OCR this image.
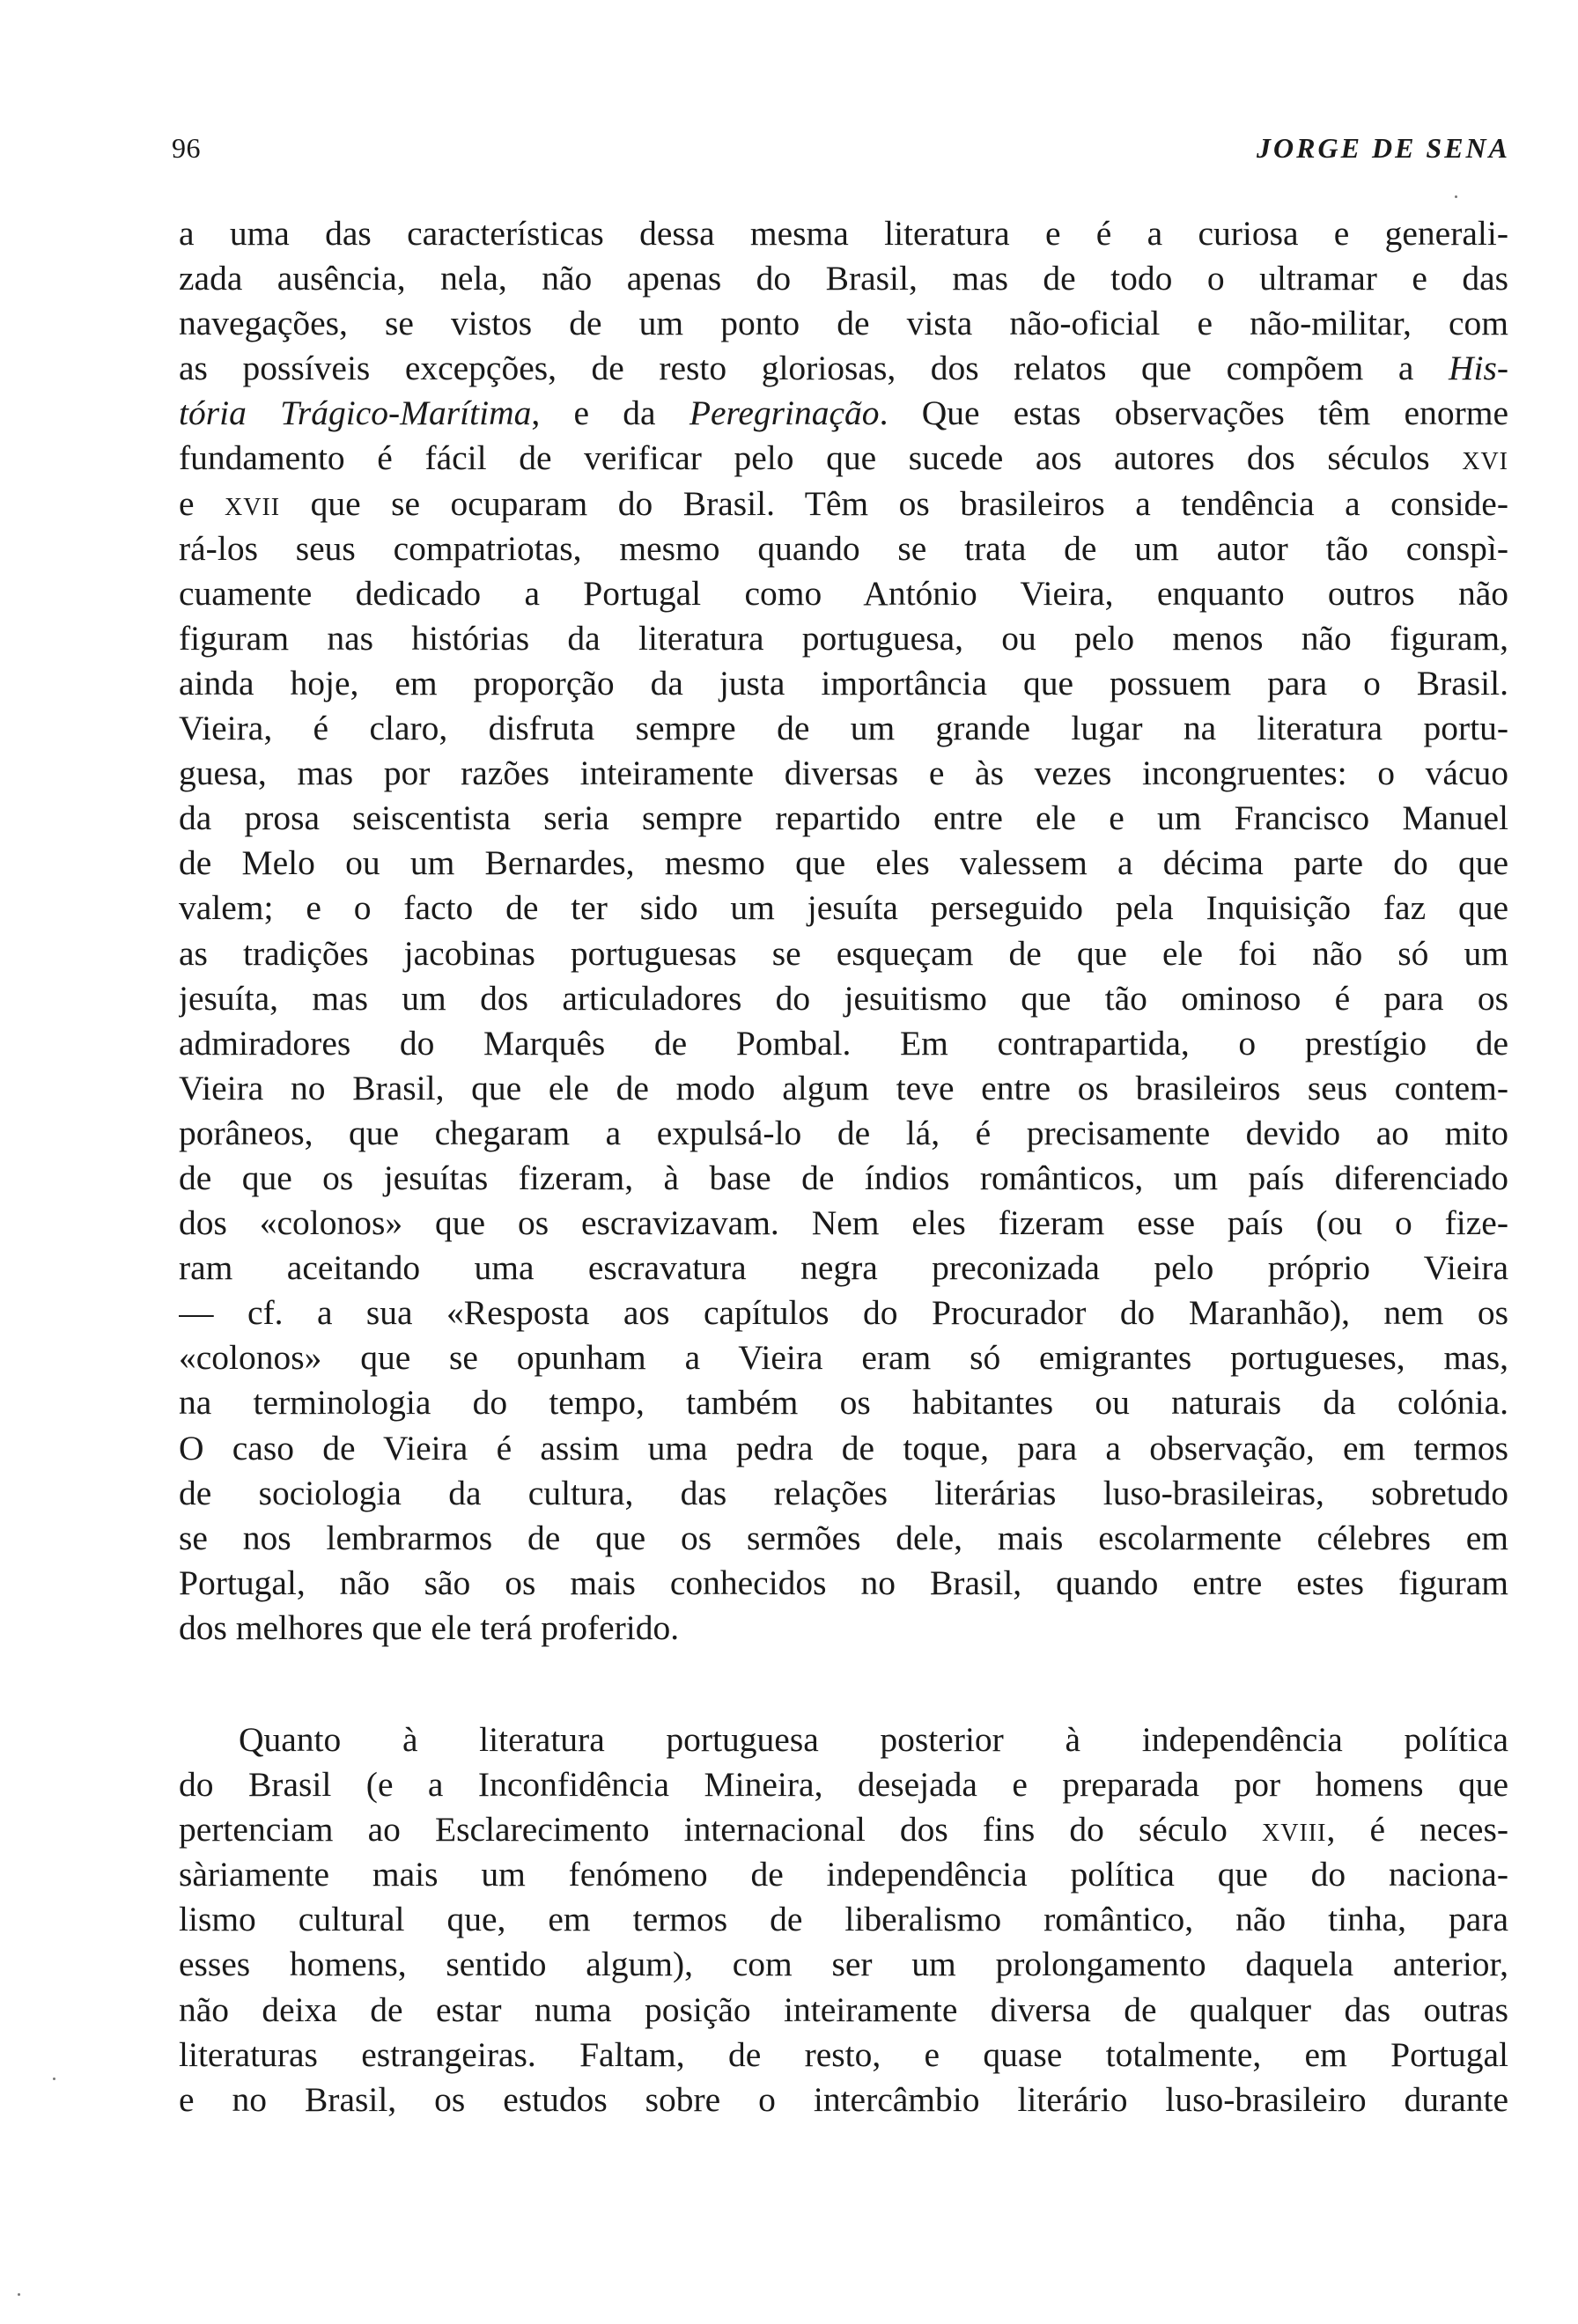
96	JORGE DE SENA
a uma das características dessa mesma literatura e é a curiosa e generali-
zada ausência, nela, não apenas do Brasil, mas de todo o ultramar e das
navegações, se vistos de um ponto de vista não-oficial e não-militar, com
as possíveis excepções, de resto gloriosas, dos relatos que compõem a His-
tória Trágico-Marítima, e da Peregrinação. Que estas observações têm enorme
fundamento é fácil de verificar pelo que sucede aos autores dos séculos xvi
e xvii que se ocuparam do Brasil. Têm os brasileiros a tendência a conside-
rá-los seus compatriotas, mesmo quando se trata de um autor tão conspì-
cuamente dedicado a Portugal como António Vieira, enquanto outros não
figuram nas histórias da literatura portuguesa, ou pelo menos não figuram,
ainda hoje, em proporção da justa importância que possuem para o Brasil.
Vieira, é claro, disfruta sempre de um grande lugar na literatura portu-
guesa, mas por razões inteiramente diversas e às vezes incongruentes: o vácuo
da prosa seiscentista seria sempre repartido entre ele e um Francisco Manuel
de Melo ou um Bernardes, mesmo que eles valessem a décima parte do que
valem; e o facto de ter sido um jesuíta perseguido pela Inquisição faz que
as tradições jacobinas portuguesas se esqueçam de que ele foi não só um
jesuíta, mas um dos articuladores do jesuitismo que tão ominoso é para os
admiradores do Marquês de Pombal. Em contrapartida, o prestígio de
Vieira no Brasil, que ele de modo algum teve entre os brasileiros seus contem-
porâneos, que chegaram a expulsá-lo de lá, é precisamente devido ao mito
de que os jesuítas fizeram, à base de índios românticos, um país diferenciado
dos «colonos» que os escravizavam. Nem eles fizeram esse país (ou o fize-
ram aceitando uma escravatura negra preconizada pelo próprio Vieira
— cf. a sua «Resposta aos capítulos do Procurador do Maranhão), nem os
«colonos» que se opunham a Vieira eram só emigrantes portugueses, mas,
na terminologia do tempo, também os habitantes ou naturais da colónia.
O caso de Vieira é assim uma pedra de toque, para a observação, em termos
de sociologia da cultura, das relações literárias luso-brasileiras, sobretudo
se nos lembrarmos de que os sermões dele, mais escolarmente célebres em
Portugal, não são os mais conhecidos no Brasil, quando entre estes figuram
dos melhores que ele terá proferido.
Quanto à literatura portuguesa posterior à independência política
do Brasil (e a Inconfidência Mineira, desejada e preparada por homens que
pertenciam ao Esclarecimento internacional dos fins do século xviii, é neces-
sàriamente mais um fenómeno de independência política que do naciona-
lismo cultural que, em termos de liberalismo romântico, não tinha, para
esses homens, sentido algum), com ser um prolongamento daquela anterior,
não deixa de estar numa posição inteiramente diversa de qualquer das outras
literaturas estrangeiras. Faltam, de resto, e quase totalmente, em Portugal
e no Brasil, os estudos sobre o intercâmbio literário luso-brasileiro durante
